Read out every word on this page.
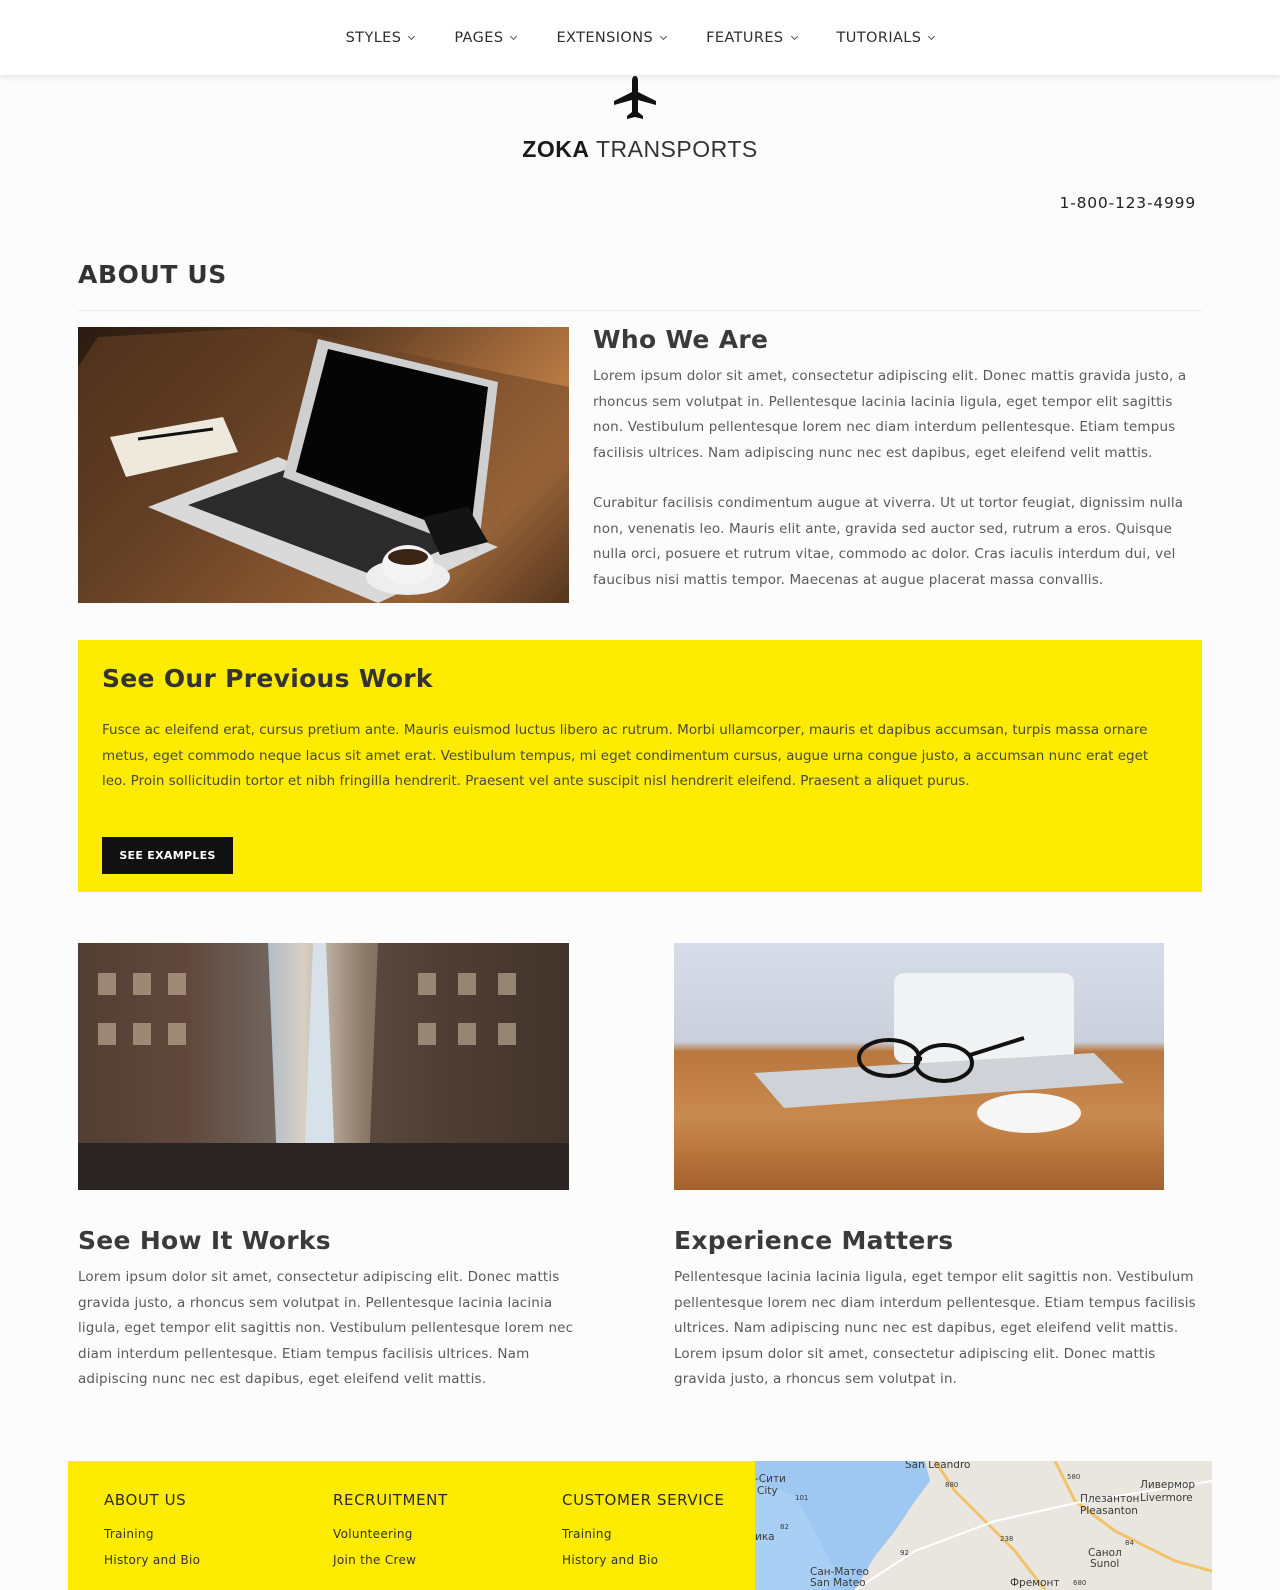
STYLES	PAGES	EXTENSIONS	FEATURES	TUTORIALS
ZOKA TRANSPORTS
1-800-123-4999
ABOUT US
Who We Are

Lorem ipsum dolor sit amet, consectetur adipiscing elit. Donec mattis gravida justo, a rhoncus sem volutpat in. Pellentesque lacinia lacinia ligula, eget tempor elit sagittis non. Vestibulum pellentesque lorem nec diam interdum pellentesque. Etiam tempus facilisis ultrices. Nam adipiscing nunc nec est dapibus, eget eleifend velit mattis.

Curabitur facilisis condimentum augue at viverra. Ut ut tortor feugiat, dignissim nulla non, venenatis leo. Mauris elit ante, gravida sed auctor sed, rutrum a eros. Quisque nulla orci, posuere et rutrum vitae, commodo ac dolor. Cras iaculis interdum dui, vel faucibus nisi mattis tempor. Maecenas at augue placerat massa convallis.

See Our Previous Work

Fusce ac eleifend erat, cursus pretium ante. Mauris euismod luctus libero ac rutrum. Morbi ullamcorper, mauris et dapibus accumsan, turpis massa ornare metus, eget commodo neque lacus sit amet erat. Vestibulum tempus, mi eget condimentum cursus, augue urna congue justo, a accumsan nunc erat eget leo. Proin sollicitudin tortor et nibh fringilla hendrerit. Praesent vel ante suscipit nisl hendrerit eleifend. Praesent a aliquet purus.

SEE EXAMPLES
See How It Works

Lorem ipsum dolor sit amet, consectetur adipiscing elit. Donec mattis gravida justo, a rhoncus sem volutpat in. Pellentesque lacinia lacinia ligula, eget tempor elit sagittis non. Vestibulum pellentesque lorem nec diam interdum pellentesque. Etiam tempus facilisis ultrices. Nam adipiscing nunc nec est dapibus, eget eleifend velit mattis.

Experience Matters

Pellentesque lacinia lacinia ligula, eget tempor elit sagittis non. Vestibulum pellentesque lorem nec diam interdum pellentesque. Etiam tempus facilisis ultrices. Nam adipiscing nunc nec est dapibus, eget eleifend velit mattis. Lorem ipsum dolor sit amet, consectetur adipiscing elit. Donec mattis gravida justo, a rhoncus sem volutpat in.

ABOUT US
Training
History and Bio
RECRUITMENT
Volunteering
Join the Crew
CUSTOMER SERVICE
Training
History and Bio
San Leandro
Ливермор
Livermore
Плезантон
Pleasanton
-Сити
City
Санол
Sunol
Сан-Матео
San Mateo	Фремонт
ика
880
580
101
82
238
92
84
680
